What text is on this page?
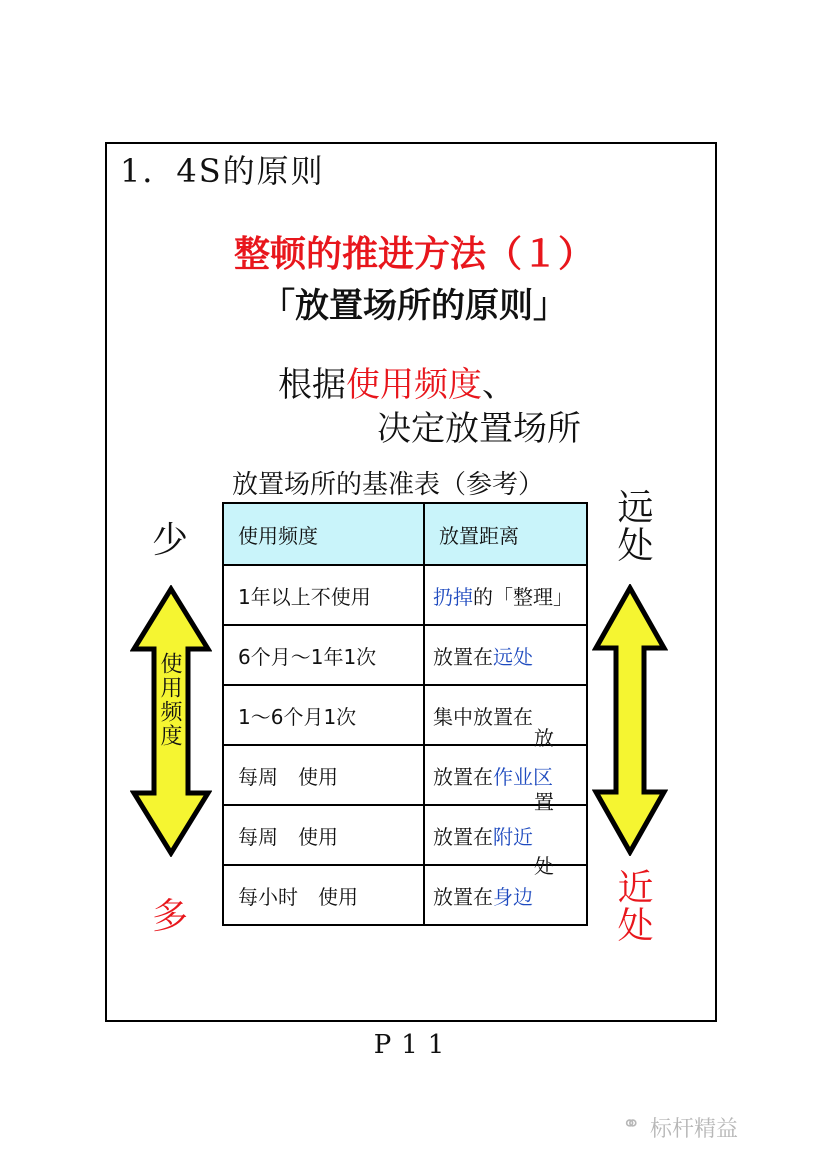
1．4S的原则
整顿的推进方法（１）
「放置场所的原则」
根据使用频度、
决定放置场所
放置场所的基准表（参考）
使用频度	放置距离
1年以上不使用	扔掉的「整理」
6个月～1年1次	放置在远处
1～6个月1次	集中放置在
每周　使用	放置在作业区
每周　使用	放置在附近
每小时　使用	放置在身边
放
置
处
少
使用频度
多
远处
近处
P11
⚭ 标杆精益
